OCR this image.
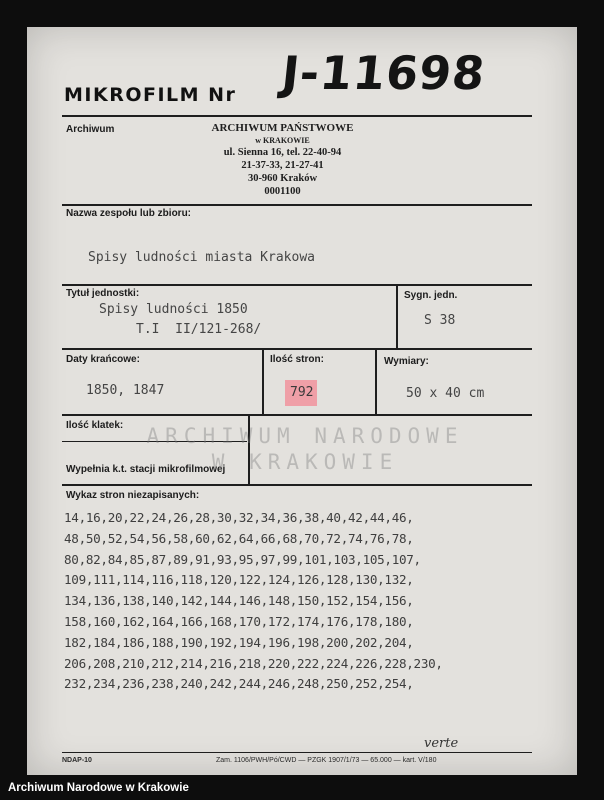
MIKROFILM Nr J-11698
Archiwum	ARCHIWUM PAŃSTWOWE
w KRAKOWIE
ul. Sienna 16, tel. 22-40-94
21-37-33, 21-27-41
30-960 Kraków
0001100
Nazwa zespołu lub zbioru:
Spisy ludności miasta Krakowa
Tytuł jednostki:
Spisy ludności 1850
T.I  II/121-268/
Sygn. jedn.
S 38
Daty krańcowe:
1850, 1847
Ilość stron:
792
Wymiary:
50 x 40 cm
Ilość klatek:
Wypełnia k.t. stacji mikrofilmowej
ARCHIWUM NARODOWE
W KRAKOWIE
Wykaz stron niezapisanych:
14,16,20,22,24,26,28,30,32,34,36,38,40,42,44,46,
48,50,52,54,56,58,60,62,64,66,68,70,72,74,76,78,
80,82,84,85,87,89,91,93,95,97,99,101,103,105,107,
109,111,114,116,118,120,122,124,126,128,130,132,
134,136,138,140,142,144,146,148,150,152,154,156,
158,160,162,164,166,168,170,172,174,176,178,180,
182,184,186,188,190,192,194,196,198,200,202,204,
206,208,210,212,214,216,218,220,222,224,226,228,230,
232,234,236,238,240,242,244,246,248,250,252,254,
verte
NDAP-10	Zam. 1106/PWH/Pó/CWD — PZGK 1907/1/73 — 65.000 — kart. V/180
Archiwum Narodowe w Krakowie
